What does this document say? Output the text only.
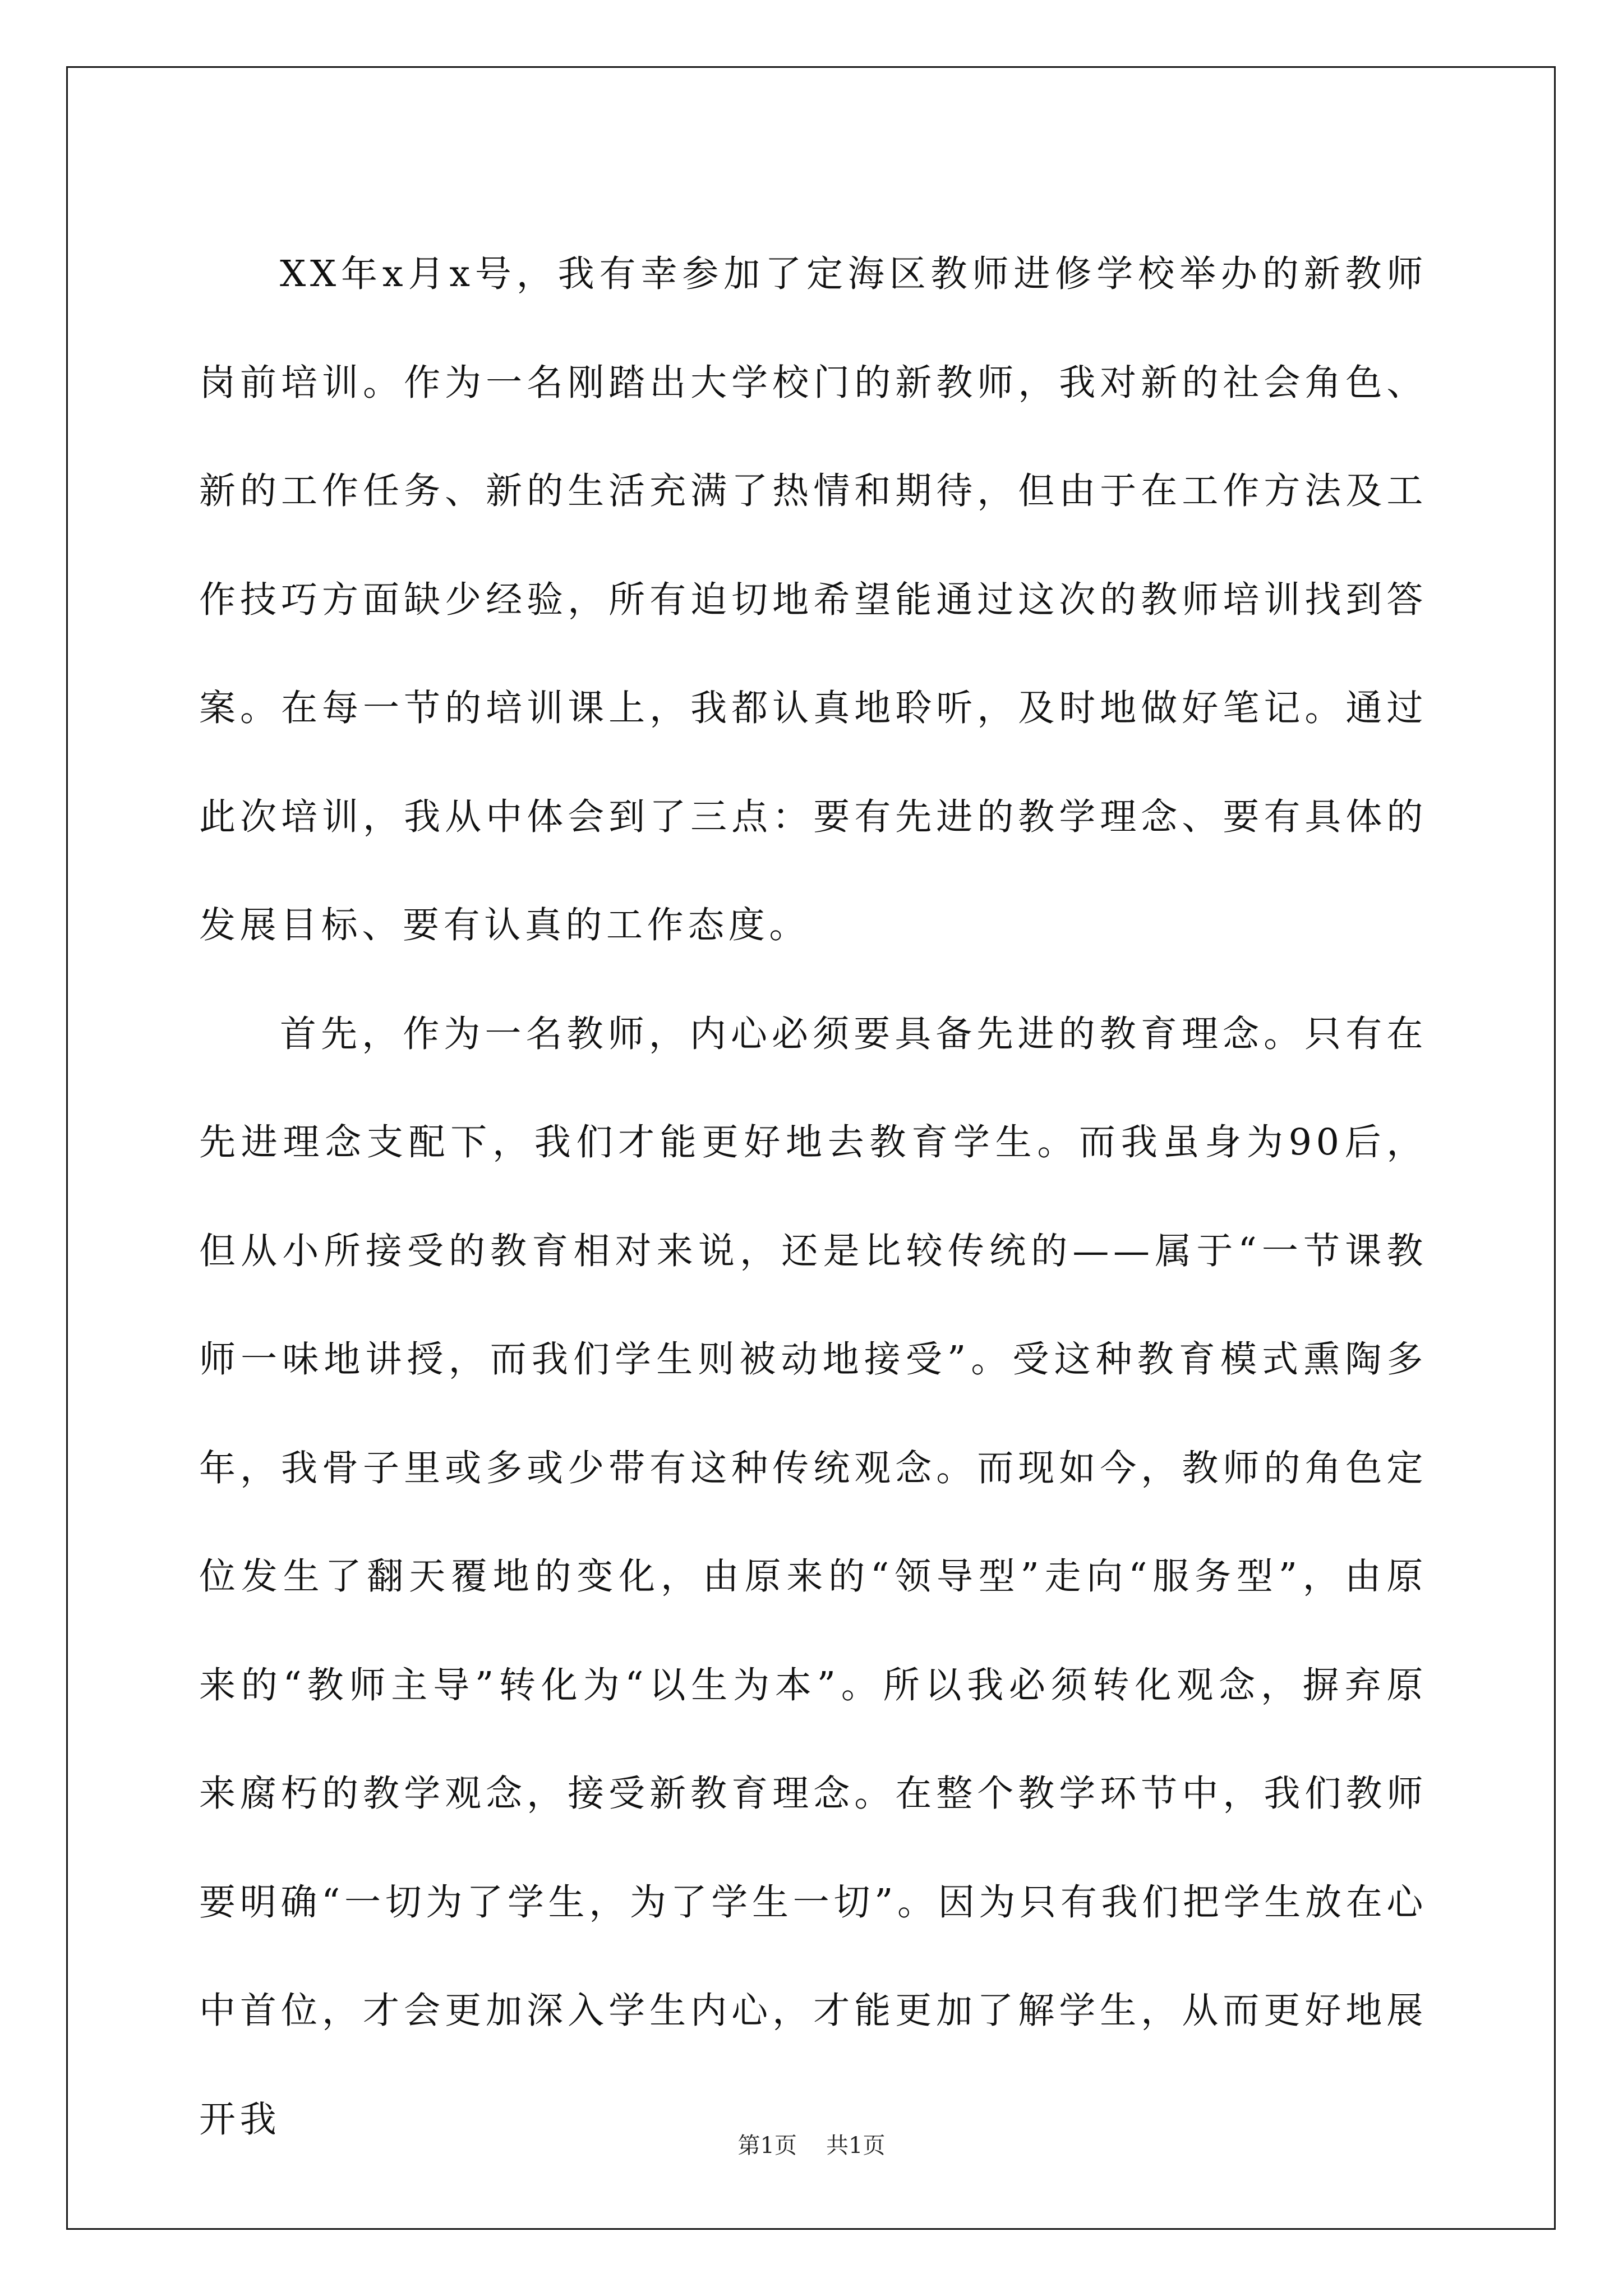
XX年x月x号，我有幸参加了定海区教师进修学校举办的新教师岗前培训。作为一名刚踏出大学校门的新教师，我对新的社会角色、新的工作任务、新的生活充满了热情和期待，但由于在工作方法及工作技巧方面缺少经验，所有迫切地希望能通过这次的教师培训找到答案。在每一节的培训课上，我都认真地聆听，及时地做好笔记。通过此次培训，我从中体会到了三点：要有先进的教学理念、要有具体的发展目标、要有认真的工作态度。

首先，作为一名教师，内心必须要具备先进的教育理念。只有在先进理念支配下，我们才能更好地去教育学生。而我虽身为90后，但从小所接受的教育相对来说，还是比较传统的——属于“一节课教师一味地讲授，而我们学生则被动地接受”。受这种教育模式熏陶多年，我骨子里或多或少带有这种传统观念。而现如今，教师的角色定位发生了翻天覆地的变化，由原来的“领导型”走向“服务型”，由原来的“教师主导”转化为“以生为本”。所以我必须转化观念，摒弃原来腐朽的教学观念，接受新教育理念。在整个教学环节中，我们教师要明确“一切为了学生，为了学生一切”。因为只有我们把学生放在心中首位，才会更加深入学生内心，才能更加了解学生，从而更好地展开我

第1页 共1页
